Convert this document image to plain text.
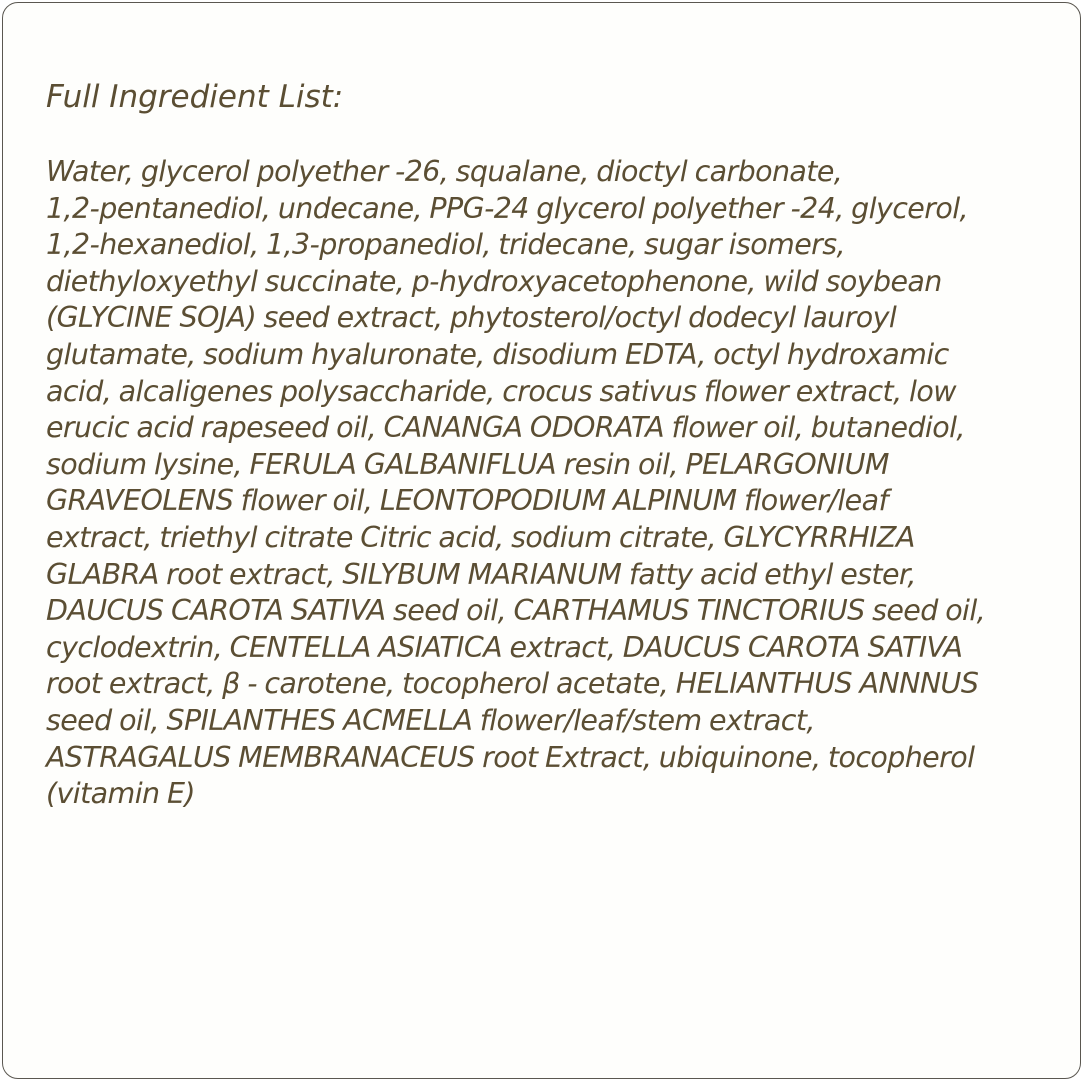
Full Ingredient List:

Water, glycerol polyether -26, squalane, dioctyl carbonate,
1,2-pentanediol, undecane, PPG-24 glycerol polyether -24, glycerol,
1,2-hexanediol, 1,3-propanediol, tridecane, sugar isomers,
diethyloxyethyl succinate, p-hydroxyacetophenone, wild soybean
(GLYCINE SOJA) seed extract, phytosterol/octyl dodecyl lauroyl
glutamate, sodium hyaluronate, disodium EDTA, octyl hydroxamic
acid, alcaligenes polysaccharide, crocus sativus flower extract, low
erucic acid rapeseed oil, CANANGA ODORATA flower oil, butanediol,
sodium lysine, FERULA GALBANIFLUA resin oil, PELARGONIUM
GRAVEOLENS flower oil, LEONTOPODIUM ALPINUM flower/leaf
extract, triethyl citrate Citric acid, sodium citrate, GLYCYRRHIZA
GLABRA root extract, SILYBUM MARIANUM fatty acid ethyl ester,
DAUCUS CAROTA SATIVA seed oil, CARTHAMUS TINCTORIUS seed oil,
cyclodextrin, CENTELLA ASIATICA extract, DAUCUS CAROTA SATIVA
root extract, β - carotene, tocopherol acetate, HELIANTHUS ANNNUS
seed oil, SPILANTHES ACMELLA flower/leaf/stem extract,
ASTRAGALUS MEMBRANACEUS root Extract, ubiquinone, tocopherol
(vitamin E)
